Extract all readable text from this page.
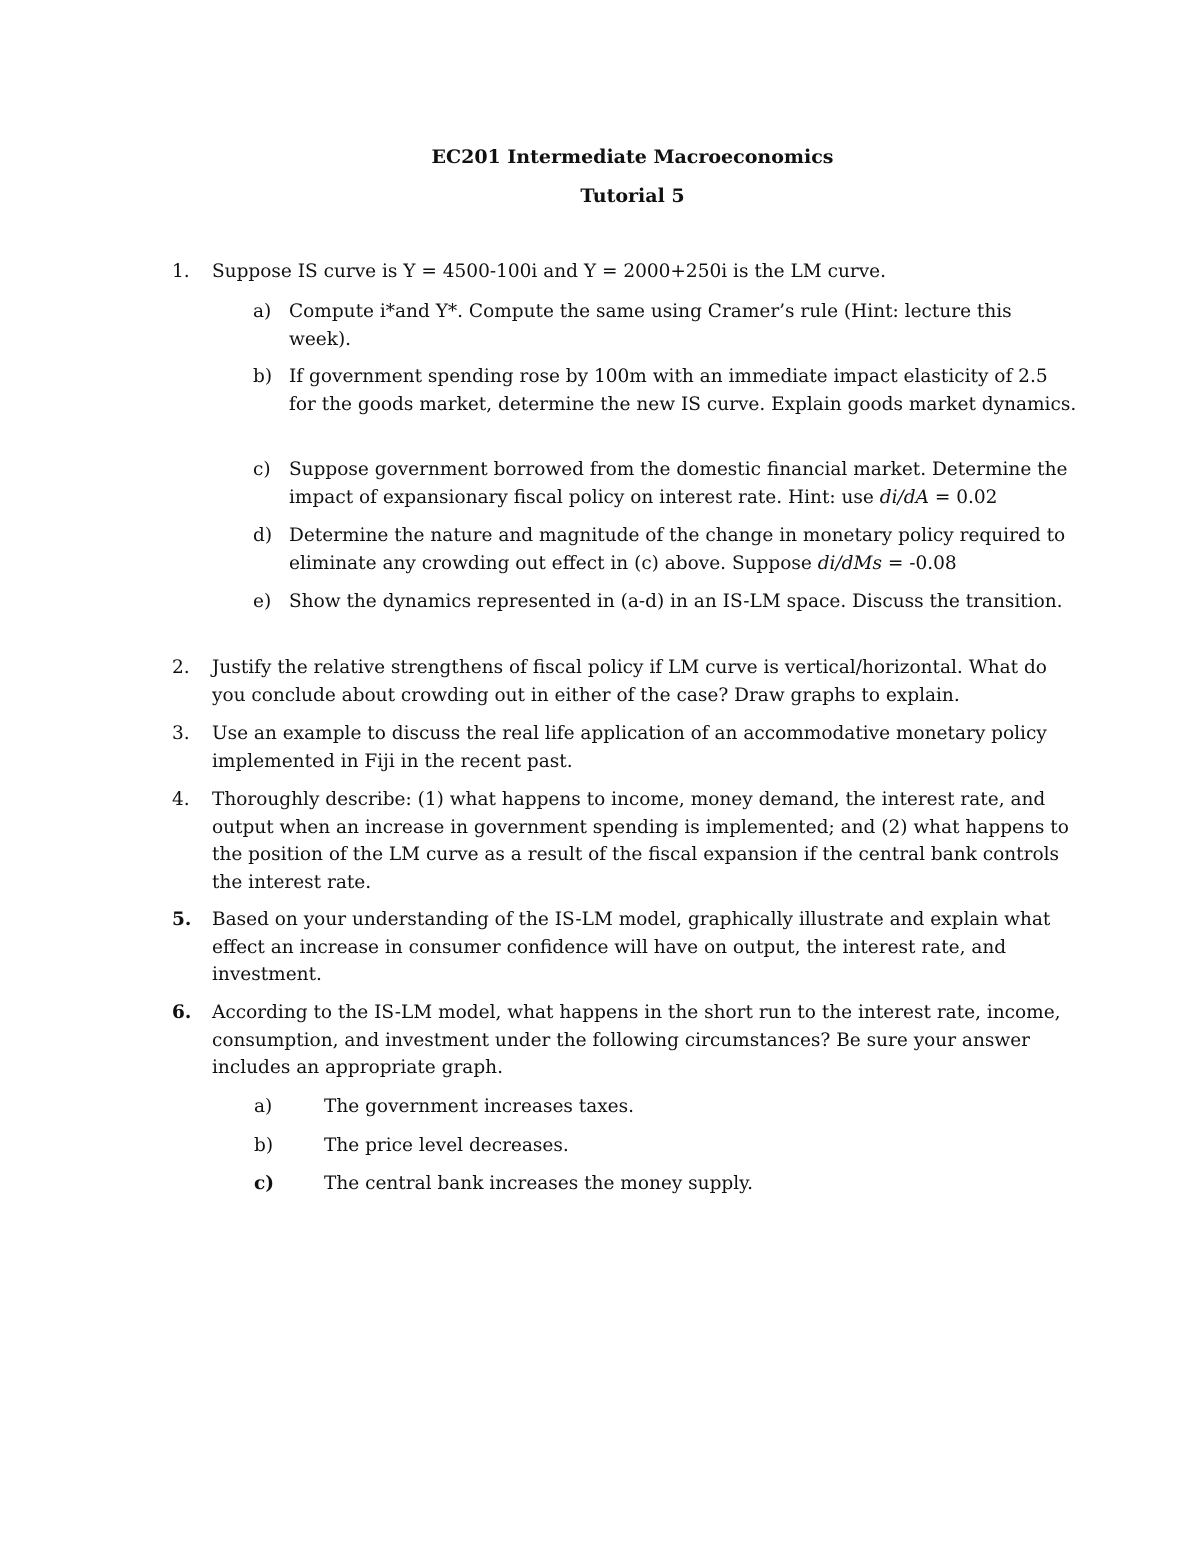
EC201 Intermediate Macroeconomics
Tutorial 5
1.	Suppose IS curve is Y = 4500-100i and Y = 2000+250i is the LM curve.
a) Compute i*and Y*. Compute the same using Cramer’s rule (Hint: lecture this week).
b) If government spending rose by 100m with an immediate impact elasticity of 2.5 for the goods market, determine the new IS curve. Explain goods market dynamics.
c) Suppose government borrowed from the domestic financial market. Determine the impact of expansionary fiscal policy on interest rate. Hint: use di/dA = 0.02
d) Determine the nature and magnitude of the change in monetary policy required to eliminate any crowding out effect in (c) above. Suppose di/dMs = -0.08
e) Show the dynamics represented in (a-d) in an IS-LM space. Discuss the transition.
2.	Justify the relative strengthens of fiscal policy if LM curve is vertical/horizontal. What do you conclude about crowding out in either of the case? Draw graphs to explain.
3.	Use an example to discuss the real life application of an accommodative monetary policy implemented in Fiji in the recent past.
4.	Thoroughly describe: (1) what happens to income, money demand, the interest rate, and output when an increase in government spending is implemented; and (2) what happens to the position of the LM curve as a result of the fiscal expansion if the central bank controls the interest rate.
5.	Based on your understanding of the IS-LM model, graphically illustrate and explain what effect an increase in consumer confidence will have on output, the interest rate, and investment.
6.	According to the IS-LM model, what happens in the short run to the interest rate, income, consumption, and investment under the following circumstances? Be sure your answer includes an appropriate graph.
a)	The government increases taxes.
b)	The price level decreases.
c)	The central bank increases the money supply.
